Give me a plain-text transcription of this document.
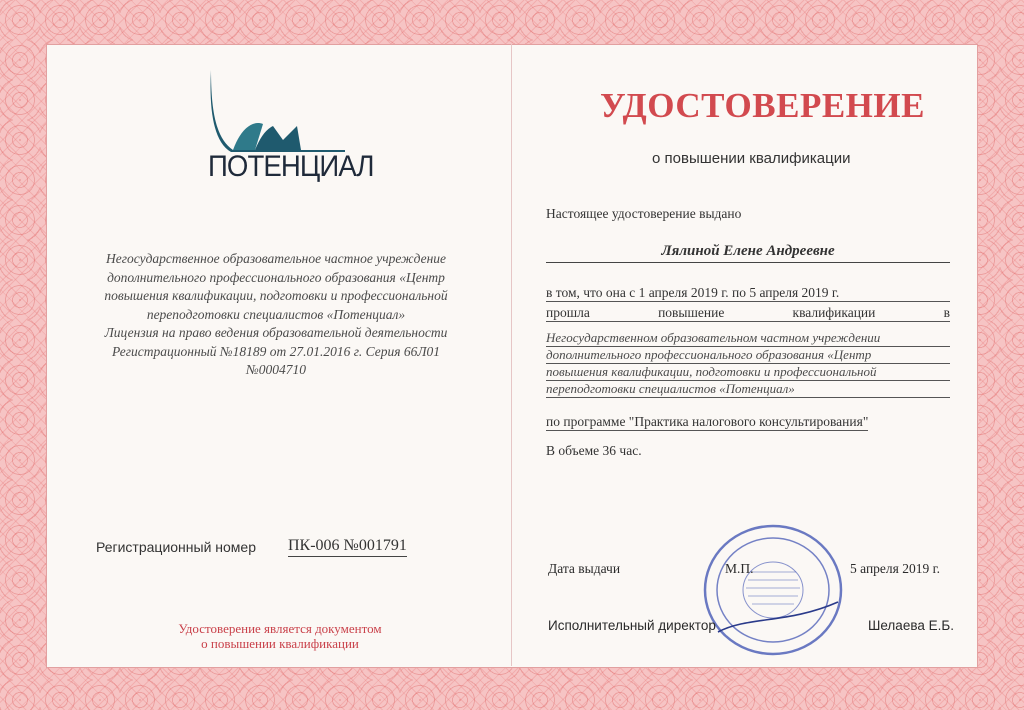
ПОТЕНЦИАЛ
Негосударственное образовательное частное учреждение
дополнительного профессионального образования «Центр
повышения квалификации, подготовки и профессиональной
переподготовки специалистов «Потенциал»
Лицензия на право ведения образовательной деятельности
Регистрационный №18189 от 27.01.2016 г. Серия 66Л01
№0004710
Регистрационный номер ПК-006 №001791
Удостоверение является документом
о повышении квалификации
УДОСТОВЕРЕНИЕ
о повышении квалификации
Настоящее удостоверение выдано
Лялиной Елене Андреевне
в том, что она с 1 апреля 2019 г. по 5 апреля 2019 г.
прошла	повышение	квалификации	в
Негосударственном образовательном частном учреждении
дополнительного профессионального образования «Центр
повышения квалификации, подготовки и профессиональной
переподготовки специалистов «Потенциал»
по программе "Практика налогового консультирования"
В объеме 36 час.
Дата выдачи	М.П.	5 апреля 2019 г.
Исполнительный директор	Шелаева Е.Б.
